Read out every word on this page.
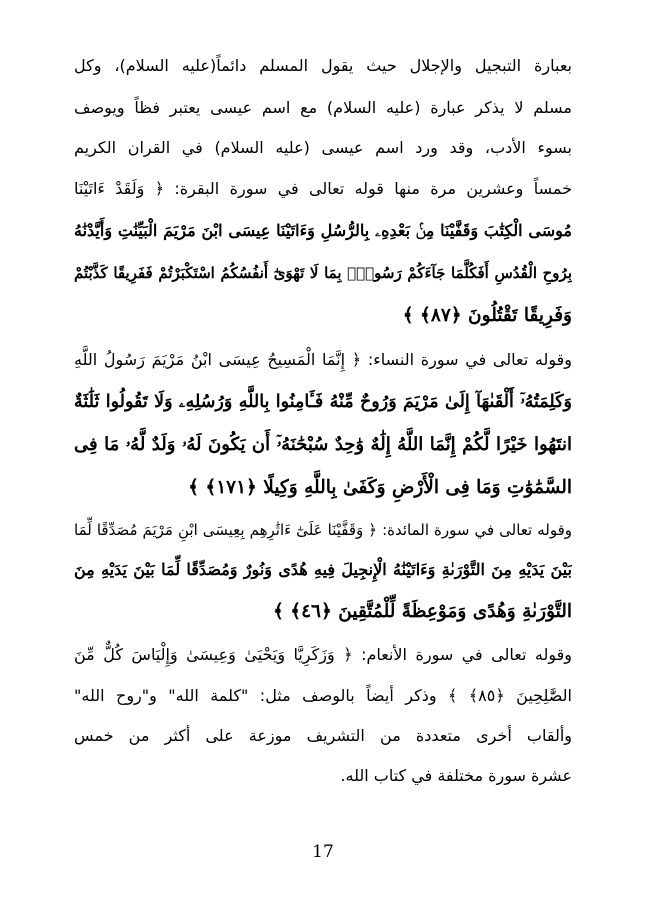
بعبارة التبجيل والإجلال حيث يقول المسلم دائماً(عليه السلام)، وكل
مسلم لا يذكر عبارة (عليه السلام) مع اسم عيسى يعتبر فظاً ويوصف
بسوء الأدب، وقد ورد اسم عيسى (عليه السلام) في القران الكريم
خمساً وعشرين مرة منها قوله تعالى في سورة البقرة: ﴿ وَلَقَدْ ءَاتَيْنَا
مُوسَى الْكِتَٰبَ وَقَفَّيْنَا مِنۢ بَعْدِهِۦ بِالرُّسُلِ وَءَاتَيْنَا عِيسَى ابْنَ مَرْيَمَ الْبَيِّنَٰتِ وَأَيَّدْنَٰهُ
بِرُوحِ الْقُدُسِ أَفَكُلَّمَا جَآءَكُمْ رَسُولٌۢ بِمَا لَا تَهْوَىٰٓ أَنفُسُكُمُ اسْتَكْبَرْتُمْ فَفَرِيقًا كَذَّبْتُمْ
وَفَرِيقًا تَقْتُلُونَ ﴿٨٧﴾ ﴾
وقوله تعالى في سورة النساء: ﴿ إِنَّمَا الْمَسِيحُ عِيسَى ابْنُ مَرْيَمَ رَسُولُ اللَّهِ
وَكَلِمَتُهُۥٓ أَلْقَىٰهَآ إِلَىٰ مَرْيَمَ وَرُوحٌ مِّنْهُ فَـَٔامِنُوا بِاللَّهِ وَرُسُلِهِۦ وَلَا تَقُولُوا ثَلَٰثَةٌ
انتَهُوا خَيْرًا لَّكُمْ إِنَّمَا اللَّهُ إِلَٰهٌ وَٰحِدٌ سُبْحَٰنَهُۥٓ أَن يَكُونَ لَهُۥ وَلَدٌ لَّهُۥ مَا فِى
السَّمَٰوَٰتِ وَمَا فِى الْأَرْضِ وَكَفَىٰ بِاللَّهِ وَكِيلًا ﴿١٧١﴾ ﴾
وقوله تعالى في سورة المائدة: ﴿ وَقَفَّيْنَا عَلَىٰٓ ءَاثَٰرِهِم بِعِيسَى ابْنِ مَرْيَمَ مُصَدِّقًا لِّمَا
بَيْنَ يَدَيْهِ مِنَ التَّوْرَىٰةِ وَءَاتَيْنَٰهُ الْإِنجِيلَ فِيهِ هُدًى وَنُورٌ وَمُصَدِّقًا لِّمَا بَيْنَ يَدَيْهِ مِنَ
التَّوْرَىٰةِ وَهُدًى وَمَوْعِظَةً لِّلْمُتَّقِينَ ﴿٤٦﴾ ﴾
وقوله تعالى في سورة الأنعام: ﴿ وَزَكَرِيَّا وَيَحْيَىٰ وَعِيسَىٰ وَإِلْيَاسَ كُلٌّ مِّنَ
الصَّٰلِحِينَ ﴿٨٥﴾ ﴾ وذكر أيضاً بالوصف مثل: "كلمة الله" و"روح الله"
وألقاب أخرى متعددة من التشريف موزعة على أكثر من خمس
عشرة سورة مختلفة في كتاب الله.
17
